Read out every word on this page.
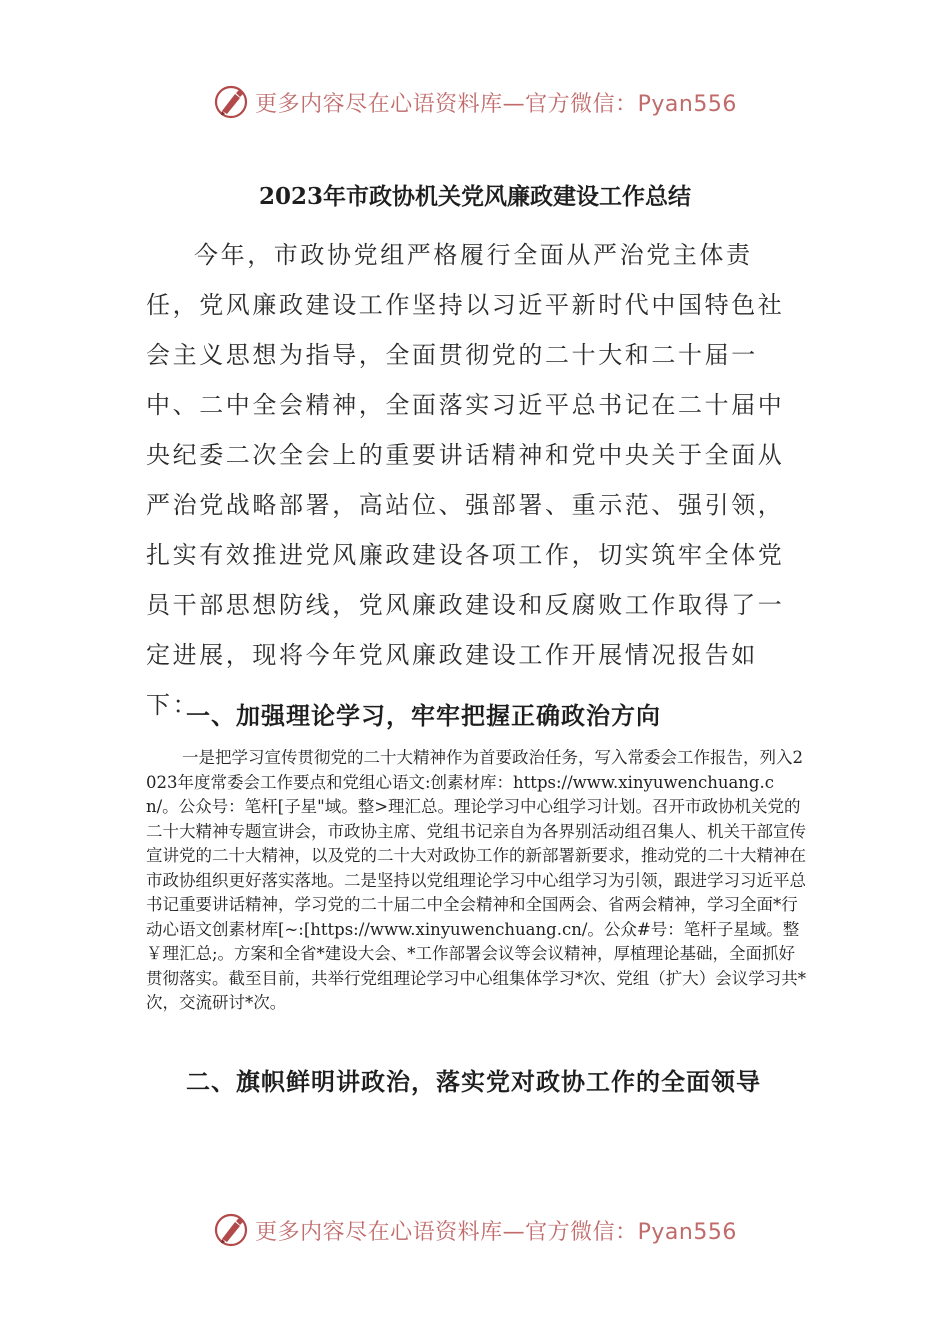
更多内容尽在心语资料库—官方微信：Pyan556
2023年市政协机关党风廉政建设工作总结

今年，市政协党组严格履行全面从严治党主体责任，党风廉政建设工作坚持以习近平新时代中国特色社会主义思想为指导，全面贯彻党的二十大和二十届一中、二中全会精神，全面落实习近平总书记在二十届中央纪委二次全会上的重要讲话精神和党中央关于全面从严治党战略部署，高站位、强部署、重示范、强引领，扎实有效推进党风廉政建设各项工作，切实筑牢全体党员干部思想防线，党风廉政建设和反腐败工作取得了一定进展，现将今年党风廉政建设工作开展情况报告如下：

一、加强理论学习，牢牢把握正确政治方向

一是把学习宣传贯彻党的二十大精神作为首要政治任务，写入常委会工作报告，列入2023年度常委会工作要点和党组心语文:创素材库：https://www.xinyuwenchuang.cn/。公众号：笔杆[子星"域。整>理汇总。理论学习中心组学习计划。召开市政协机关党的二十大精神专题宣讲会，市政协主席、党组书记亲自为各界别活动组召集人、机关干部宣传宣讲党的二十大精神，以及党的二十大对政协工作的新部署新要求，推动党的二十大精神在市政协组织更好落实落地。二是坚持以党组理论学习中心组学习为引领，跟进学习习近平总书记重要讲话精神，学习党的二十届二中全会精神和全国两会、省两会精神，学习全面*行动心语文创素材库[~:[https://www.xinyuwenchuang.cn/。公众#号：笔杆子星域。整￥理汇总;。方案和全省*建设大会、*工作部署会议等会议精神，厚植理论基础，全面抓好贯彻落实。截至目前，共举行党组理论学习中心组集体学习*次、党组（扩大）会议学习共*次，交流研讨*次。

二、旗帜鲜明讲政治，落实党对政协工作的全面领导
更多内容尽在心语资料库—官方微信：Pyan556
